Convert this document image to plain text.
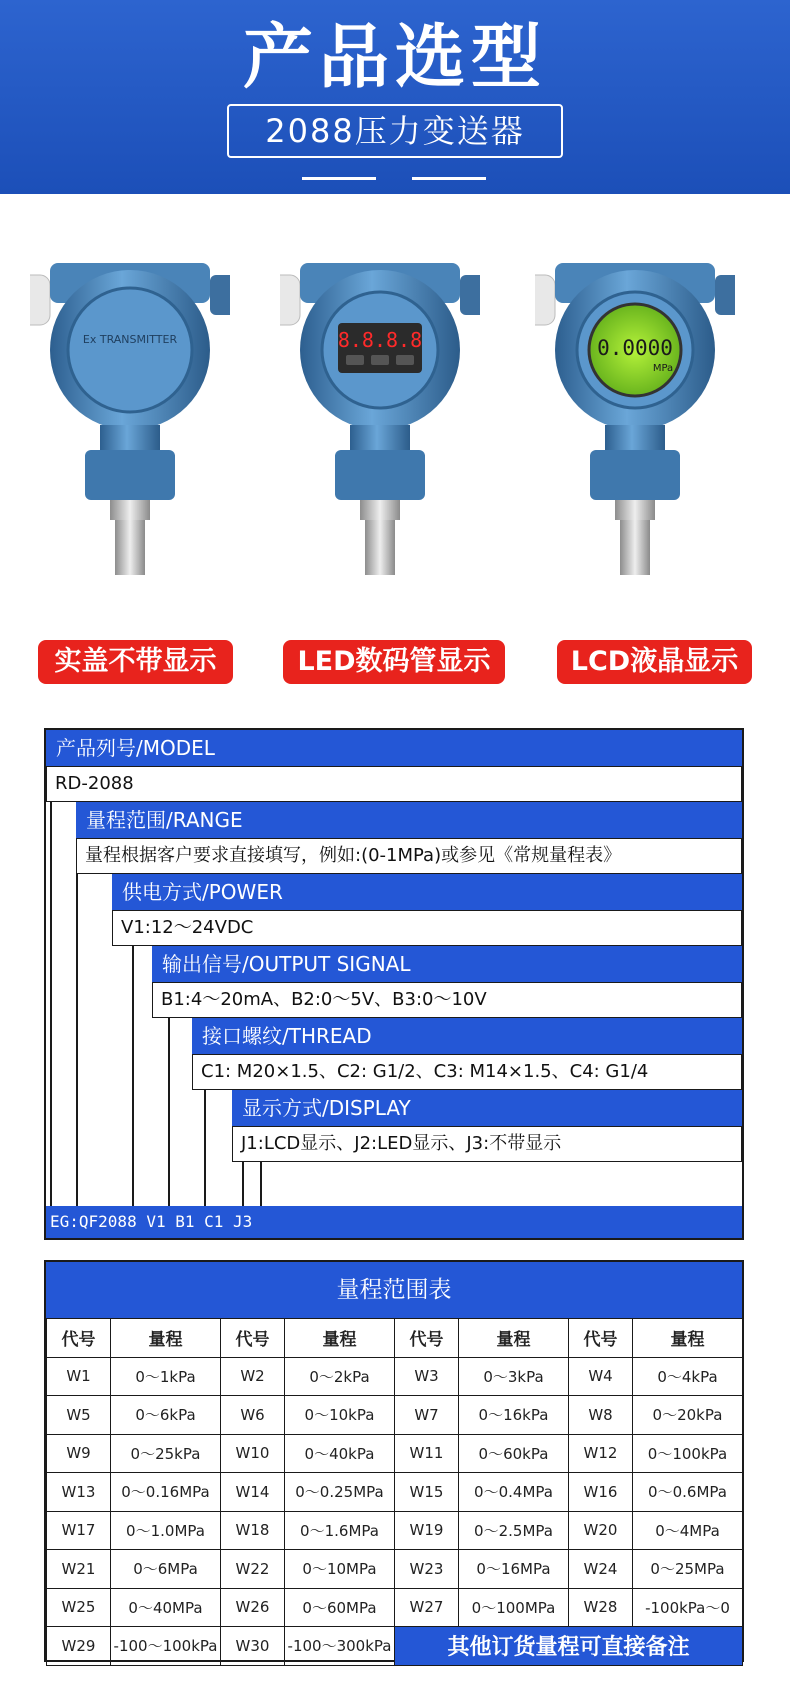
产品选型
2088压力变送器
Ex TRANSMITTER	8.8.8.8	0.0000
MPa
实盖不带显示	LED数码管显示	LCD液晶显示
产品列号/MODEL
RD-2088
量程范围/RANGE
量程根据客户要求直接填写，例如:(0-1MPa)或参见《常规量程表》
供电方式/POWER
V1:12～24VDC
输出信号/OUTPUT SIGNAL
B1:4～20mA、B2:0～5V、B3:0～10V
接口螺纹/THREAD
C1: M20×1.5、C2: G1/2、C3: M14×1.5、C4: G1/4
显示方式/DISPLAY
J1:LCD显示、J2:LED显示、J3:不带显示
EG:QF2088 V1 B1 C1 J3
量程范围表
代号	量程	代号	量程	代号	量程	代号	量程
W1	0～1kPa	W2	0～2kPa	W3	0～3kPa	W4	0～4kPa
W5	0～6kPa	W6	0～10kPa	W7	0～16kPa	W8	0～20kPa
W9	0～25kPa	W10	0～40kPa	W11	0～60kPa	W12	0～100kPa
W13	0～0.16MPa	W14	0～0.25MPa	W15	0～0.4MPa	W16	0～0.6MPa
W17	0～1.0MPa	W18	0～1.6MPa	W19	0～2.5MPa	W20	0～4MPa
W21	0～6MPa	W22	0～10MPa	W23	0～16MPa	W24	0～25MPa
W25	0～40MPa	W26	0～60MPa	W27	0～100MPa	W28	-100kPa～0
W29	-100～100kPa	W30	-100～300kPa	其他订货量程可直接备注			
